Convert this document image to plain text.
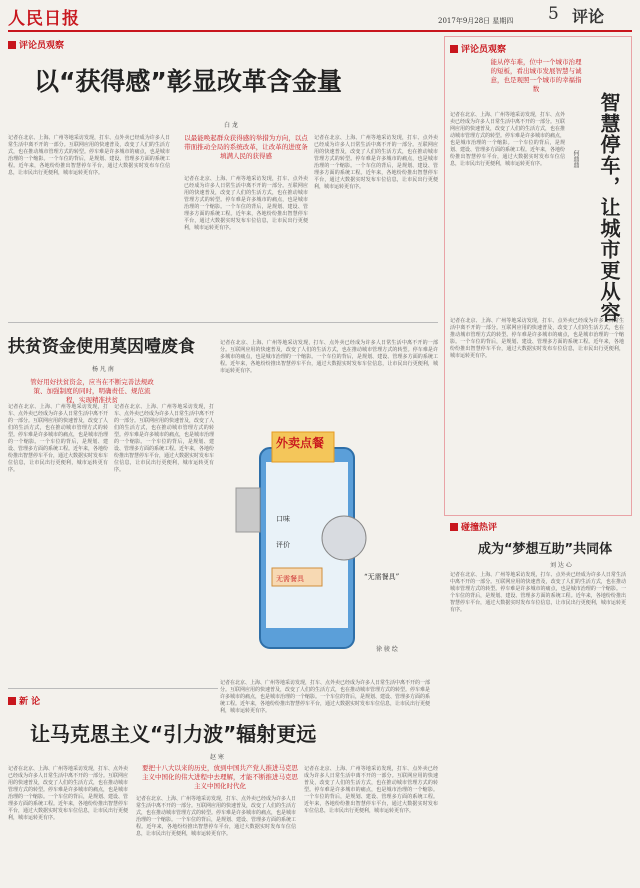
人民日报	2017年9月28日 星期四 5 评论
评论员观察
以“获得感”彰显改革含金量
白 龙
以最能唤起群众获得感的举措为方向，以点带面推动全局的系统改革，让改革的进度条填满人民的获得感
记者在北京、上海、广州等地采访发现，打车、点外卖已经成为许多人日常生活中离不开的一部分。互联网应用的快速普及，改变了人们的生活方式，也在推动城市管理方式的转型。停车难是许多城市的痛点，也是城市治理的一个缩影。一个车位的背后，是规划、建设、管理多方面的系统工程。近年来，各地纷纷推出智慧停车平台，通过大数据实时发布车位信息，让市民出行更便利，城市运转更有序。
记者在北京、上海、广州等地采访发现，打车、点外卖已经成为许多人日常生活中离不开的一部分。互联网应用的快速普及，改变了人们的生活方式，也在推动城市管理方式的转型。停车难是许多城市的痛点，也是城市治理的一个缩影。一个车位的背后，是规划、建设、管理多方面的系统工程。近年来，各地纷纷推出智慧停车平台，通过大数据实时发布车位信息，让市民出行更便利，城市运转更有序。
记者在北京、上海、广州等地采访发现，打车、点外卖已经成为许多人日常生活中离不开的一部分。互联网应用的快速普及，改变了人们的生活方式，也在推动城市管理方式的转型。停车难是许多城市的痛点，也是城市治理的一个缩影。一个车位的背后，是规划、建设、管理多方面的系统工程。近年来，各地纷纷推出智慧停车平台，通过大数据实时发布车位信息，让市民出行更便利，城市运转更有序。
评论员观察
能从停车难，位中一个城市治理的短板，看出城市发展智慧与诚意，也是观照一个城市的幸福指数
智慧停车，让城市更从容
何鼎鼎
记者在北京、上海、广州等地采访发现，打车、点外卖已经成为许多人日常生活中离不开的一部分。互联网应用的快速普及，改变了人们的生活方式，也在推动城市管理方式的转型。停车难是许多城市的痛点，也是城市治理的一个缩影。一个车位的背后，是规划、建设、管理多方面的系统工程。近年来，各地纷纷推出智慧停车平台，通过大数据实时发布车位信息，让市民出行更便利，城市运转更有序。
记者在北京、上海、广州等地采访发现，打车、点外卖已经成为许多人日常生活中离不开的一部分。互联网应用的快速普及，改变了人们的生活方式，也在推动城市管理方式的转型。停车难是许多城市的痛点，也是城市治理的一个缩影。一个车位的背后，是规划、建设、管理多方面的系统工程。近年来，各地纷纷推出智慧停车平台，通过大数据实时发布车位信息，让市民出行更便利，城市运转更有序。
扶贫资金使用莫因噎废食
杨 凡 南
管好用好扶贫资金，应当在不断完善法规政策、加强制度的同时，明确责任、规范流程，实现精准扶贫
记者在北京、上海、广州等地采访发现，打车、点外卖已经成为许多人日常生活中离不开的一部分。互联网应用的快速普及，改变了人们的生活方式，也在推动城市管理方式的转型。停车难是许多城市的痛点，也是城市治理的一个缩影。一个车位的背后，是规划、建设、管理多方面的系统工程。近年来，各地纷纷推出智慧停车平台，通过大数据实时发布车位信息，让市民出行更便利，城市运转更有序。
记者在北京、上海、广州等地采访发现，打车、点外卖已经成为许多人日常生活中离不开的一部分。互联网应用的快速普及，改变了人们的生活方式，也在推动城市管理方式的转型。停车难是许多城市的痛点，也是城市治理的一个缩影。一个车位的背后，是规划、建设、管理多方面的系统工程。近年来，各地纷纷推出智慧停车平台，通过大数据实时发布车位信息，让市民出行更便利，城市运转更有序。
记者在北京、上海、广州等地采访发现，打车、点外卖已经成为许多人日常生活中离不开的一部分。互联网应用的快速普及，改变了人们的生活方式，也在推动城市管理方式的转型。停车难是许多城市的痛点，也是城市治理的一个缩影。一个车位的背后，是规划、建设、管理多方面的系统工程。近年来，各地纷纷推出智慧停车平台，通过大数据实时发布车位信息，让市民出行更便利，城市运转更有序。
外卖点餐
口味
评价
无需餐具	“无需餐具”
徐 骏 绘
记者在北京、上海、广州等地采访发现，打车、点外卖已经成为许多人日常生活中离不开的一部分。互联网应用的快速普及，改变了人们的生活方式，也在推动城市管理方式的转型。停车难是许多城市的痛点，也是城市治理的一个缩影。一个车位的背后，是规划、建设、管理多方面的系统工程。近年来，各地纷纷推出智慧停车平台，通过大数据实时发布车位信息，让市民出行更便利，城市运转更有序。
碰撞热评
成为“梦想互助”共同体
刘 达 心
记者在北京、上海、广州等地采访发现，打车、点外卖已经成为许多人日常生活中离不开的一部分。互联网应用的快速普及，改变了人们的生活方式，也在推动城市管理方式的转型。停车难是许多城市的痛点，也是城市治理的一个缩影。一个车位的背后，是规划、建设、管理多方面的系统工程。近年来，各地纷纷推出智慧停车平台，通过大数据实时发布车位信息，让市民出行更便利，城市运转更有序。
新 论
让马克思主义“引力波”辐射更远
赵 寒
要把十八大以来的历史，放到中国共产党人推进马克思主义中国化的伟大进程中去理解，才能不断推进马克思主义中国化时代化
记者在北京、上海、广州等地采访发现，打车、点外卖已经成为许多人日常生活中离不开的一部分。互联网应用的快速普及，改变了人们的生活方式，也在推动城市管理方式的转型。停车难是许多城市的痛点，也是城市治理的一个缩影。一个车位的背后，是规划、建设、管理多方面的系统工程。近年来，各地纷纷推出智慧停车平台，通过大数据实时发布车位信息，让市民出行更便利，城市运转更有序。
记者在北京、上海、广州等地采访发现，打车、点外卖已经成为许多人日常生活中离不开的一部分。互联网应用的快速普及，改变了人们的生活方式，也在推动城市管理方式的转型。停车难是许多城市的痛点，也是城市治理的一个缩影。一个车位的背后，是规划、建设、管理多方面的系统工程。近年来，各地纷纷推出智慧停车平台，通过大数据实时发布车位信息，让市民出行更便利，城市运转更有序。
记者在北京、上海、广州等地采访发现，打车、点外卖已经成为许多人日常生活中离不开的一部分。互联网应用的快速普及，改变了人们的生活方式，也在推动城市管理方式的转型。停车难是许多城市的痛点，也是城市治理的一个缩影。一个车位的背后，是规划、建设、管理多方面的系统工程。近年来，各地纷纷推出智慧停车平台，通过大数据实时发布车位信息，让市民出行更便利，城市运转更有序。
